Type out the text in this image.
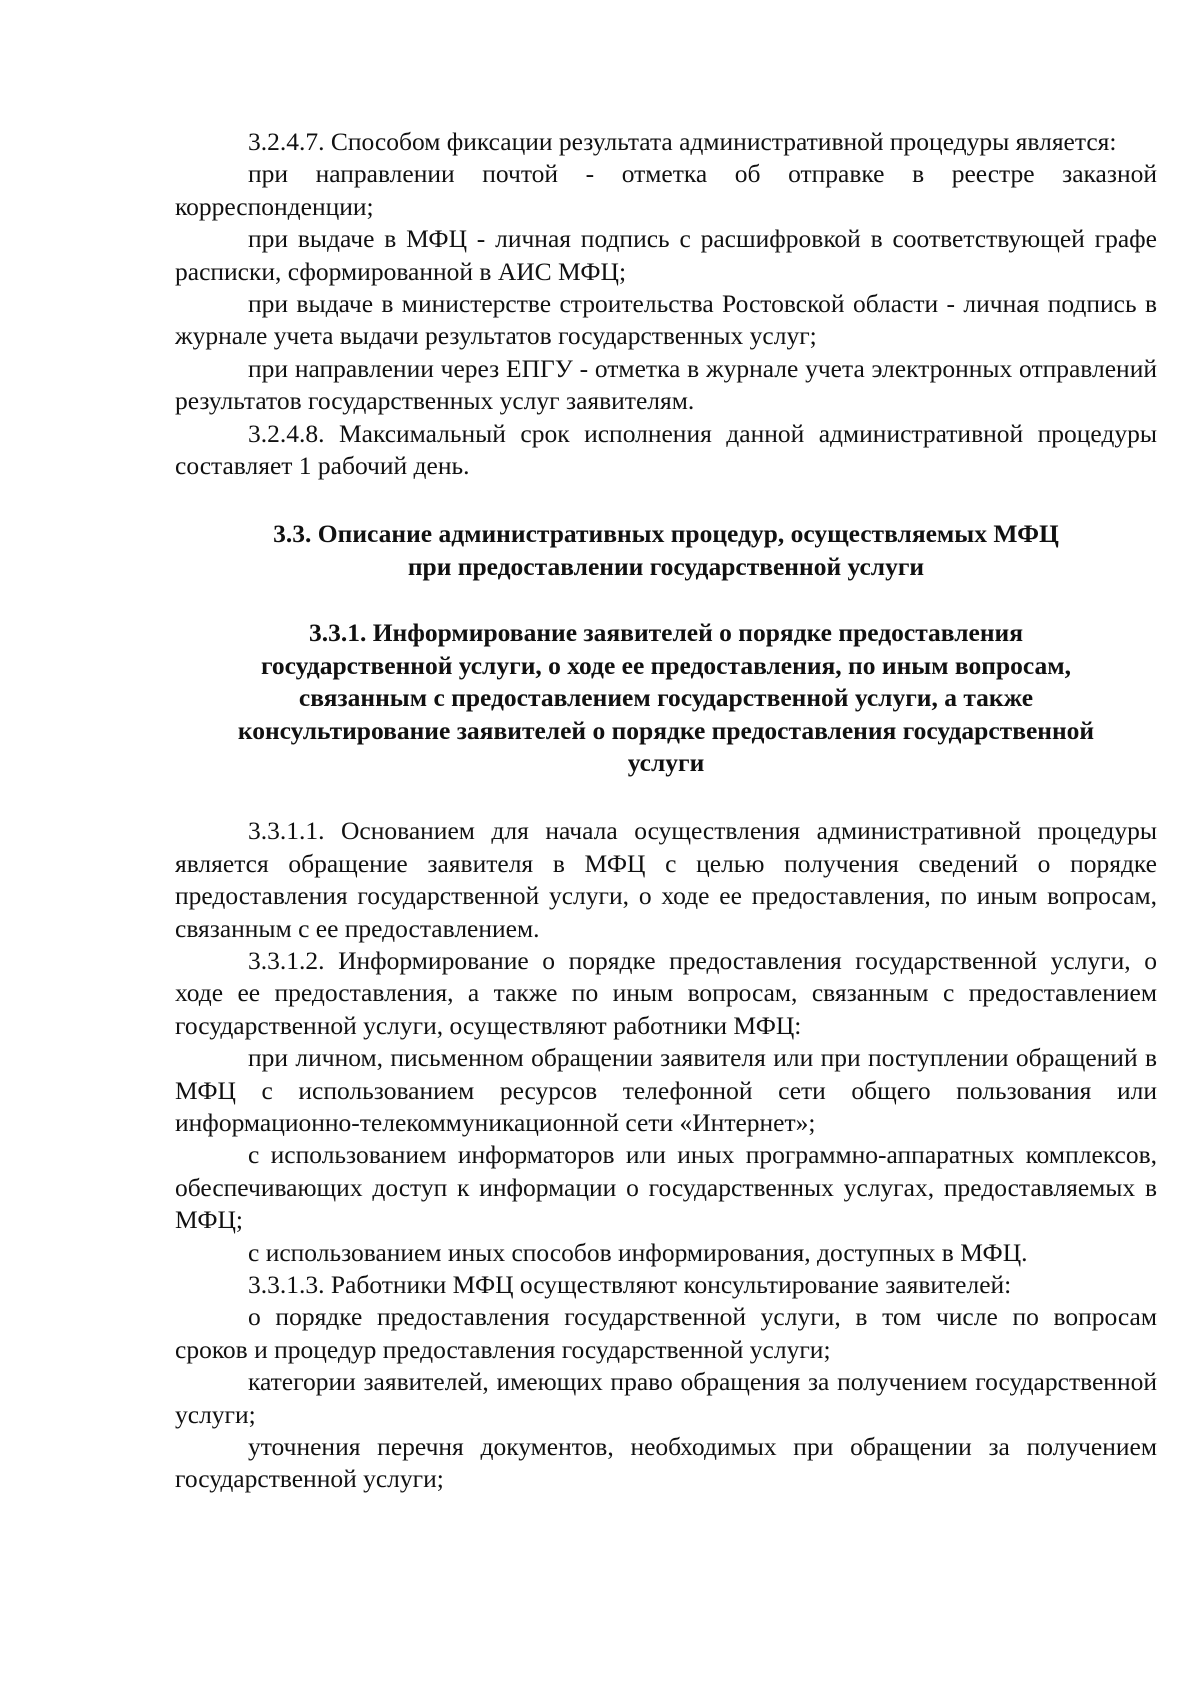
3.2.4.7. Способом фиксации результата административной процедуры является:

при направлении почтой - отметка об отправке в реестре заказной корреспонденции;

при выдаче в МФЦ - личная подпись с расшифровкой в соответствующей графе расписки, сформированной в АИС МФЦ;

при выдаче в министерстве строительства Ростовской области - личная подпись в журнале учета выдачи результатов государственных услуг;

при направлении через ЕПГУ - отметка в журнале учета электронных отправлений результатов государственных услуг заявителям.

3.2.4.8. Максимальный срок исполнения данной административной процедуры составляет 1 рабочий день.

3.3. Описание административных процедур, осуществляемых МФЦ

при предоставлении государственной услуги

3.3.1. Информирование заявителей о порядке предоставления

государственной услуги, о ходе ее предоставления, по иным вопросам,

связанным с предоставлением государственной услуги, а также

консультирование заявителей о порядке предоставления государственной

услуги

3.3.1.1. Основанием для начала осуществления административной процедуры является обращение заявителя в МФЦ с целью получения сведений о порядке предоставления государственной услуги, о ходе ее предоставления, по иным вопросам, связанным с ее предоставлением.

3.3.1.2. Информирование о порядке предоставления государственной услуги, о ходе ее предоставления, а также по иным вопросам, связанным с предоставлением государственной услуги, осуществляют работники МФЦ:

при личном, письменном обращении заявителя или при поступлении обращений в МФЦ с использованием ресурсов телефонной сети общего пользования или информационно-телекоммуникационной сети «Интернет»;

с использованием информаторов или иных программно-аппаратных комплексов, обеспечивающих доступ к информации о государственных услугах, предоставляемых в МФЦ;

с использованием иных способов информирования, доступных в МФЦ.

3.3.1.3. Работники МФЦ осуществляют консультирование заявителей:

о порядке предоставления государственной услуги, в том числе по вопросам сроков и процедур предоставления государственной услуги;

категории заявителей, имеющих право обращения за получением государственной услуги;

уточнения перечня документов, необходимых при обращении за получением государственной услуги;
